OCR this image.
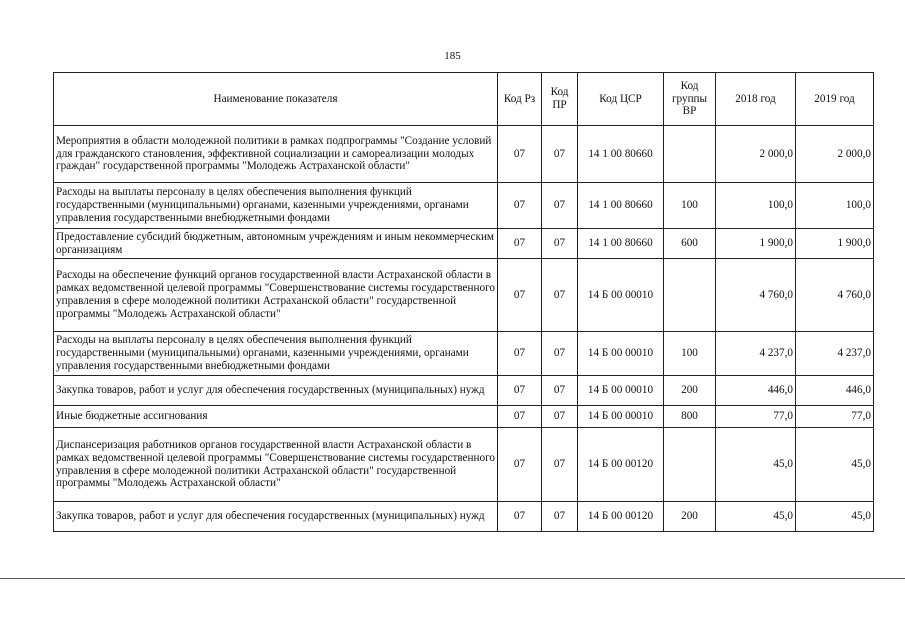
185
Наименование показателя	Код Рз	Код ПР	Код ЦСР	Код группы ВР	2018 год	2019 год
Мероприятия в области молодежной политики в рамках подпрограммы "Создание условий для гражданского становления, эффективной социализации и самореализации молодых граждан" государственной программы "Молодежь Астраханской области"	07	07	14 1 00 80660		2 000,0	2 000,0
Расходы на выплаты персоналу в целях обеспечения выполнения функций государственными (муниципальными) органами, казенными учреждениями, органами управления государственными внебюджетными фондами	07	07	14 1 00 80660	100	100,0	100,0
Предоставление субсидий бюджетным, автономным учреждениям и иным некоммерческим организациям	07	07	14 1 00 80660	600	1 900,0	1 900,0
Расходы на обеспечение функций органов государственной власти Астраханской области в рамках ведомственной целевой программы "Совершенствование системы государственного управления в сфере молодежной политики Астраханской области" государственной программы "Молодежь Астраханской области"	07	07	14 Б 00 00010		4 760,0	4 760,0
Расходы на выплаты персоналу в целях обеспечения выполнения функций государственными (муниципальными) органами, казенными учреждениями, органами управления государственными внебюджетными фондами	07	07	14 Б 00 00010	100	4 237,0	4 237,0
Закупка товаров, работ и услуг для обеспечения государственных (муниципальных) нужд	07	07	14 Б 00 00010	200	446,0	446,0
Иные бюджетные ассигнования	07	07	14 Б 00 00010	800	77,0	77,0
Диспансеризация работников органов государственной власти Астраханской области в рамках ведомственной целевой программы "Совершенствование системы государственного управления в сфере молодежной политики Астраханской области" государственной программы "Молодежь Астраханской области"	07	07	14 Б 00 00120		45,0	45,0
Закупка товаров, работ и услуг для обеспечения государственных (муниципальных) нужд	07	07	14 Б 00 00120	200	45,0	45,0
